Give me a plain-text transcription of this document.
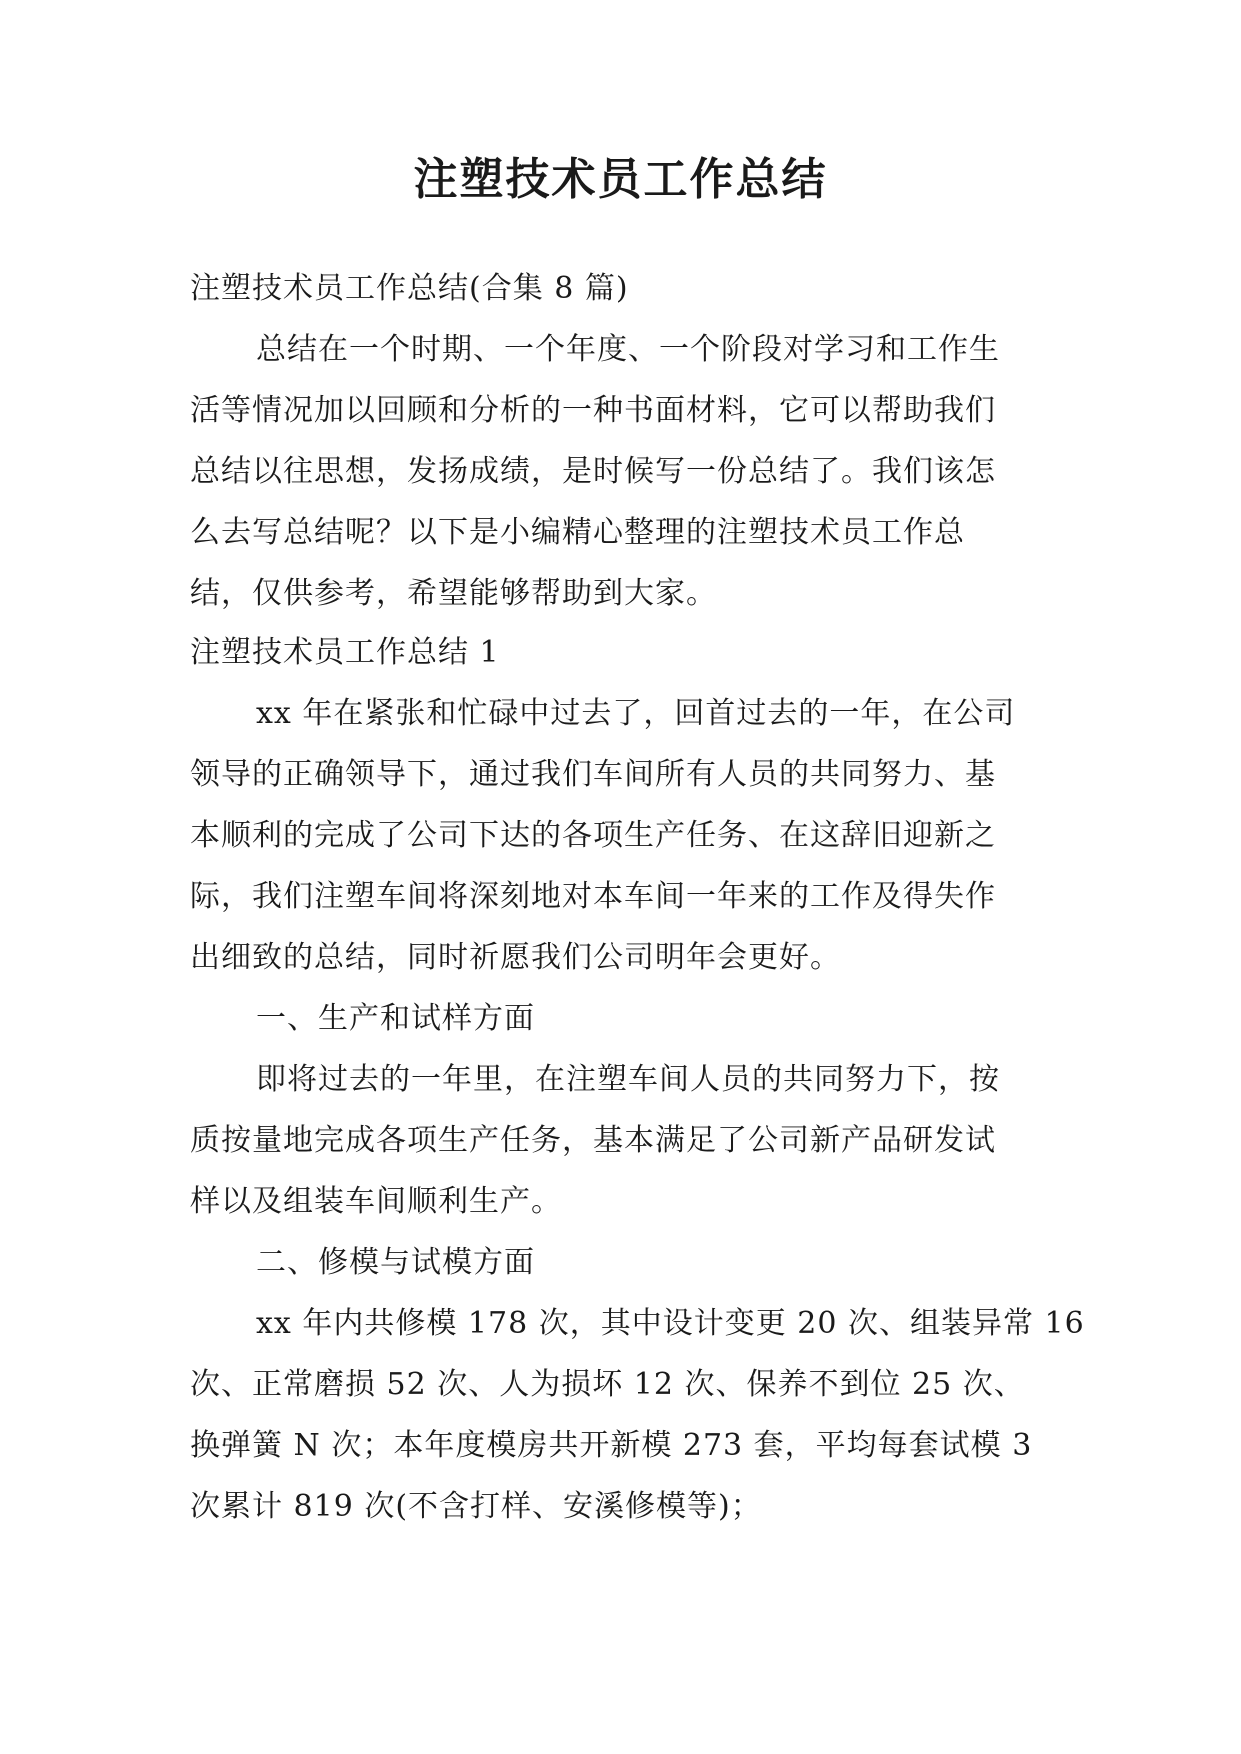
注塑技术员工作总结
注塑技术员工作总结(合集 8 篇)
总结在一个时期、一个年度、一个阶段对学习和工作生
活等情况加以回顾和分析的一种书面材料，它可以帮助我们
总结以往思想，发扬成绩，是时候写一份总结了。我们该怎
么去写总结呢？以下是小编精心整理的注塑技术员工作总
结，仅供参考，希望能够帮助到大家。
注塑技术员工作总结 1
xx 年在紧张和忙碌中过去了，回首过去的一年，在公司
领导的正确领导下，通过我们车间所有人员的共同努力、基
本顺利的完成了公司下达的各项生产任务、在这辞旧迎新之
际，我们注塑车间将深刻地对本车间一年来的工作及得失作
出细致的总结，同时祈愿我们公司明年会更好。
一、生产和试样方面
即将过去的一年里，在注塑车间人员的共同努力下，按
质按量地完成各项生产任务，基本满足了公司新产品研发试
样以及组装车间顺利生产。
二、修模与试模方面
xx 年内共修模 178 次，其中设计变更 20 次、组装异常 16
次、正常磨损 52 次、人为损坏 12 次、保养不到位 25 次、
换弹簧 N 次；本年度模房共开新模 273 套，平均每套试模 3
次累计 819 次(不含打样、安溪修模等)；
